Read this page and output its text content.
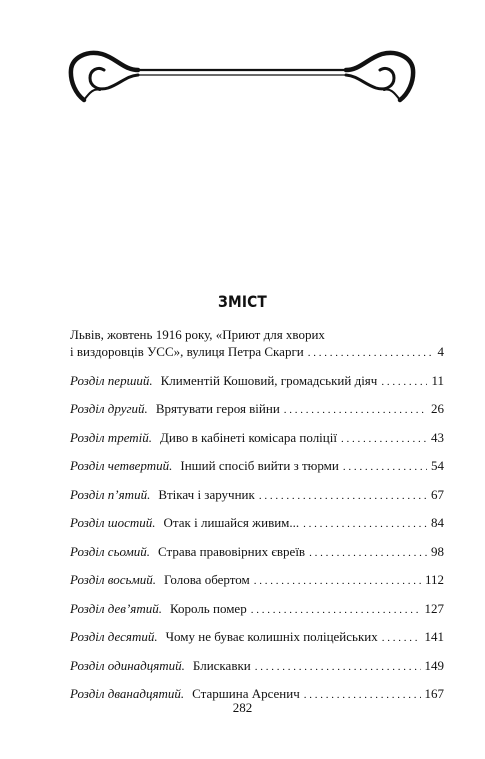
ЗМІСТ
Львів, жовтень 1916 року, «Приют для хворих
і виздоровців УСС», вулиця Петра Скарги . . .	4
Розділ перший. Климентій Кошовий, громадський діяч . . .	11
Розділ другий. Врятувати героя війни . . .	26
Розділ третій. Диво в кабінеті комісара поліції . . .	43
Розділ четвертий. Інший спосіб вийти з тюрми . . .	54
Розділ п’ятий. Втікач і заручник . . .	67
Розділ шостий. Отак і лишайся живим... . . .	84
Розділ сьомий. Страва правовірних євреїв . . .	98
Розділ восьмий. Голова обертом . . .	112
Розділ дев’ятий. Король помер . . .	127
Розділ десятий. Чому не буває колишніх поліцейських . . .	141
Розділ одинадцятий. Блискавки . . .	149
Розділ дванадцятий. Старшина Арсенич . . .	167
282
